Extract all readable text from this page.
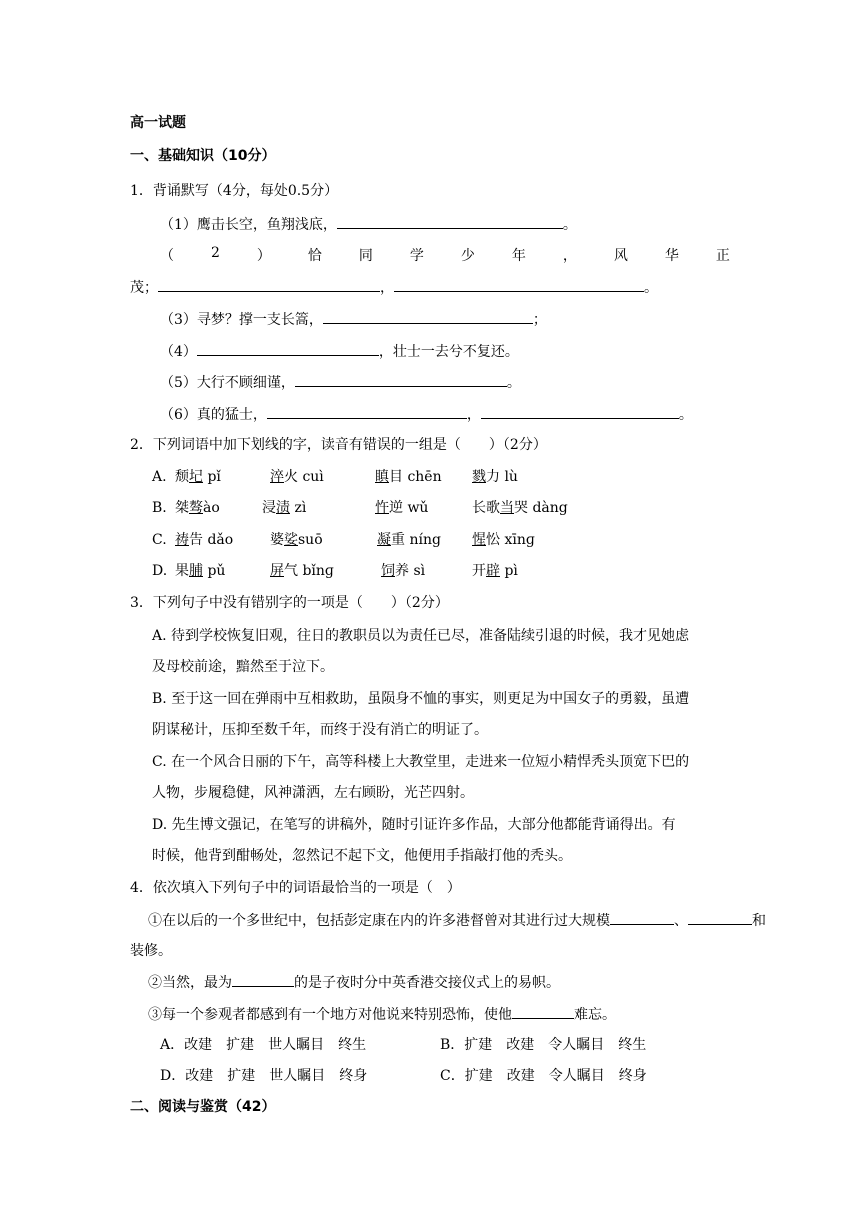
高一试题
一、基础知识（10分）
1．背诵默写（4分，每处0.5分）
（1）鹰击长空，鱼翔浅底，	。
（	2	）	恰	同	学	少	年	，	风	华	正
茂；	，	。
（3）寻梦？撑一支长篙，	；
（4）	，壮士一去兮不复还。
（5）大行不顾细谨，	。
（6）真的猛士，	，	。
2．下列词语中加下划线的字，读音有错误的一组是（　　）（2分）
A. 颓圮 pǐ	淬火 cuì	瞋目 chēn 戮力 lù
B. 桀骜ào	浸渍 zì	忤逆 wǔ	长歌当哭 dàng
C. 祷告 dǎo	婆娑suō	凝重 níng 惺忪 xīnɡ
D. 果脯 pǔ	屏气 bǐnɡ	饲养 sì	开辟 pì
3．下列句子中没有错别字的一项是（　　）（2分）
A. 待到学校恢复旧观，往日的教职员以为责任已尽，准备陆续引退的时候，我才见她虑
及母校前途，黯然至于泣下。
B. 至于这一回在弹雨中互相救助，虽陨身不恤的事实，则更足为中国女子的勇毅，虽遭
阴谋秘计，压抑至数千年，而终于没有消亡的明证了。
C. 在一个风合日丽的下午，高等科楼上大教堂里，走进来一位短小精悍秃头顶宽下巴的
人物，步履稳健，风神潇洒，左右顾盼，光芒四射。
D. 先生博文强记，在笔写的讲稿外，随时引证许多作品，大部分他都能背诵得出。有
时候，他背到酣畅处，忽然记不起下文，他便用手指敲打他的秃头。
4．依次填入下列句子中的词语最恰当的一项是（　）
①在以后的一个多世纪中，包括彭定康在内的许多港督曾对其进行过大规模	、	和
装修。
②当然，最为	的是子夜时分中英香港交接仪式上的易帜。
③每一个参观者都感到有一个地方对他说来特别恐怖，使他	难忘。
A．改建　扩建　世人瞩目　终生	B．扩建　改建　令人瞩目　终生
D．改建　扩建　世人瞩目　终身	C．扩建　改建　令人瞩目　终身
二、阅读与鉴赏（42）
